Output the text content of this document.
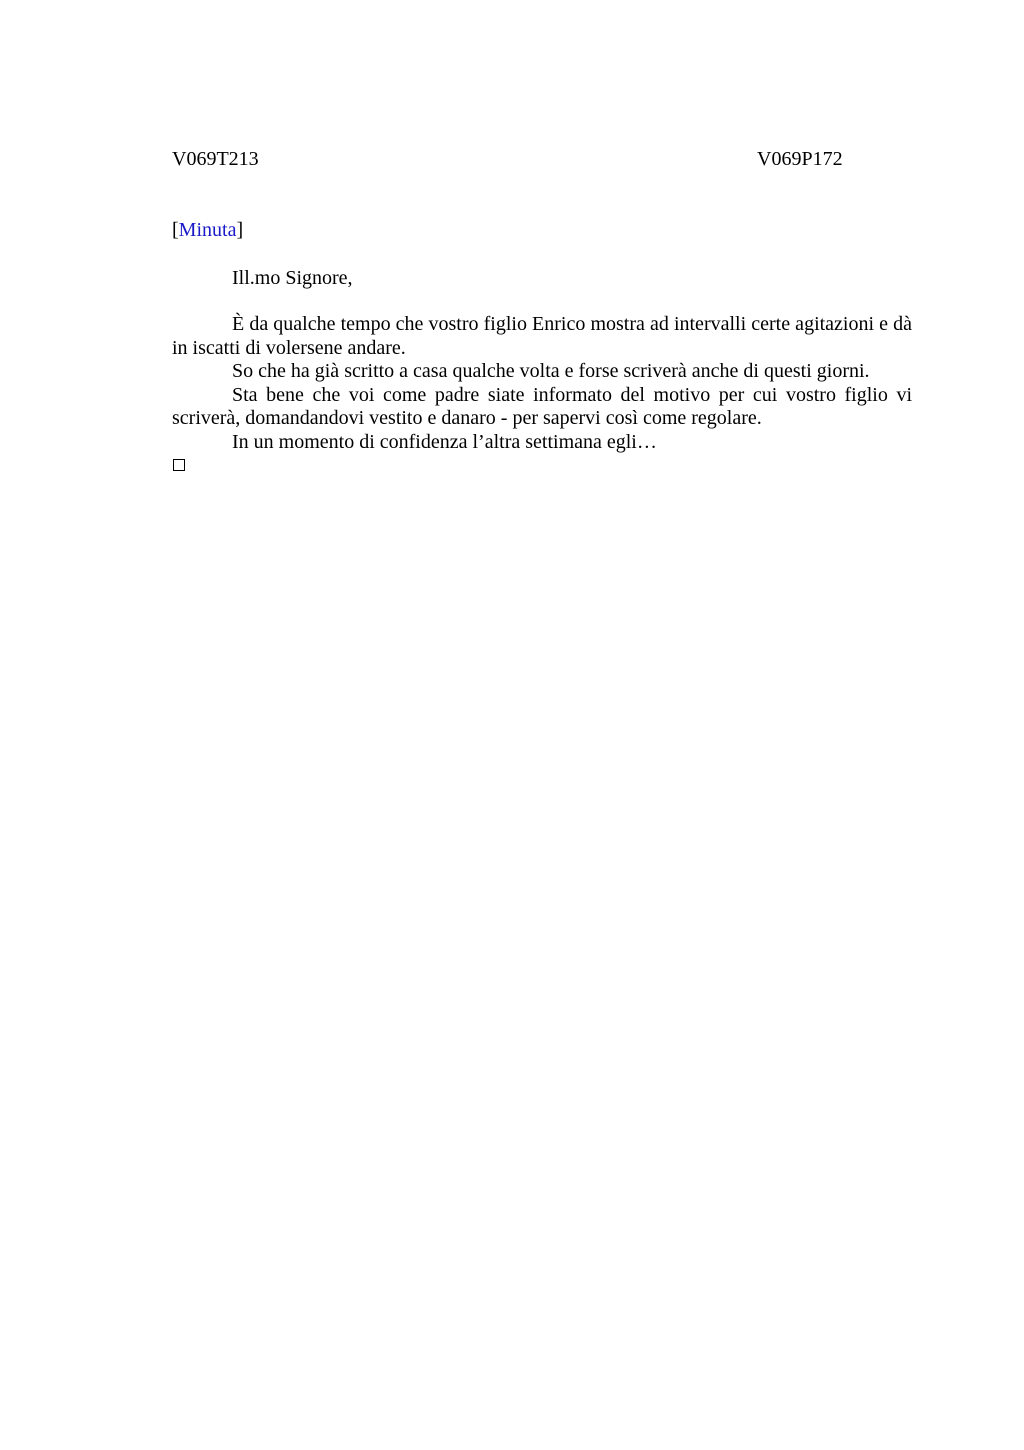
V069T213	V069P172
[Minuta]
Ill.mo Signore,

È da qualche tempo che vostro figlio Enrico mostra ad intervalli certe agitazioni e dà in iscatti di volersene andare.

So che ha già scritto a casa qualche volta e forse scriverà anche di questi giorni.

Sta bene che voi come padre siate informato del motivo per cui vostro figlio vi scriverà, domandandovi vestito e danaro - per sapervi così come regolare.

In un momento di confidenza l’altra settimana egli…
